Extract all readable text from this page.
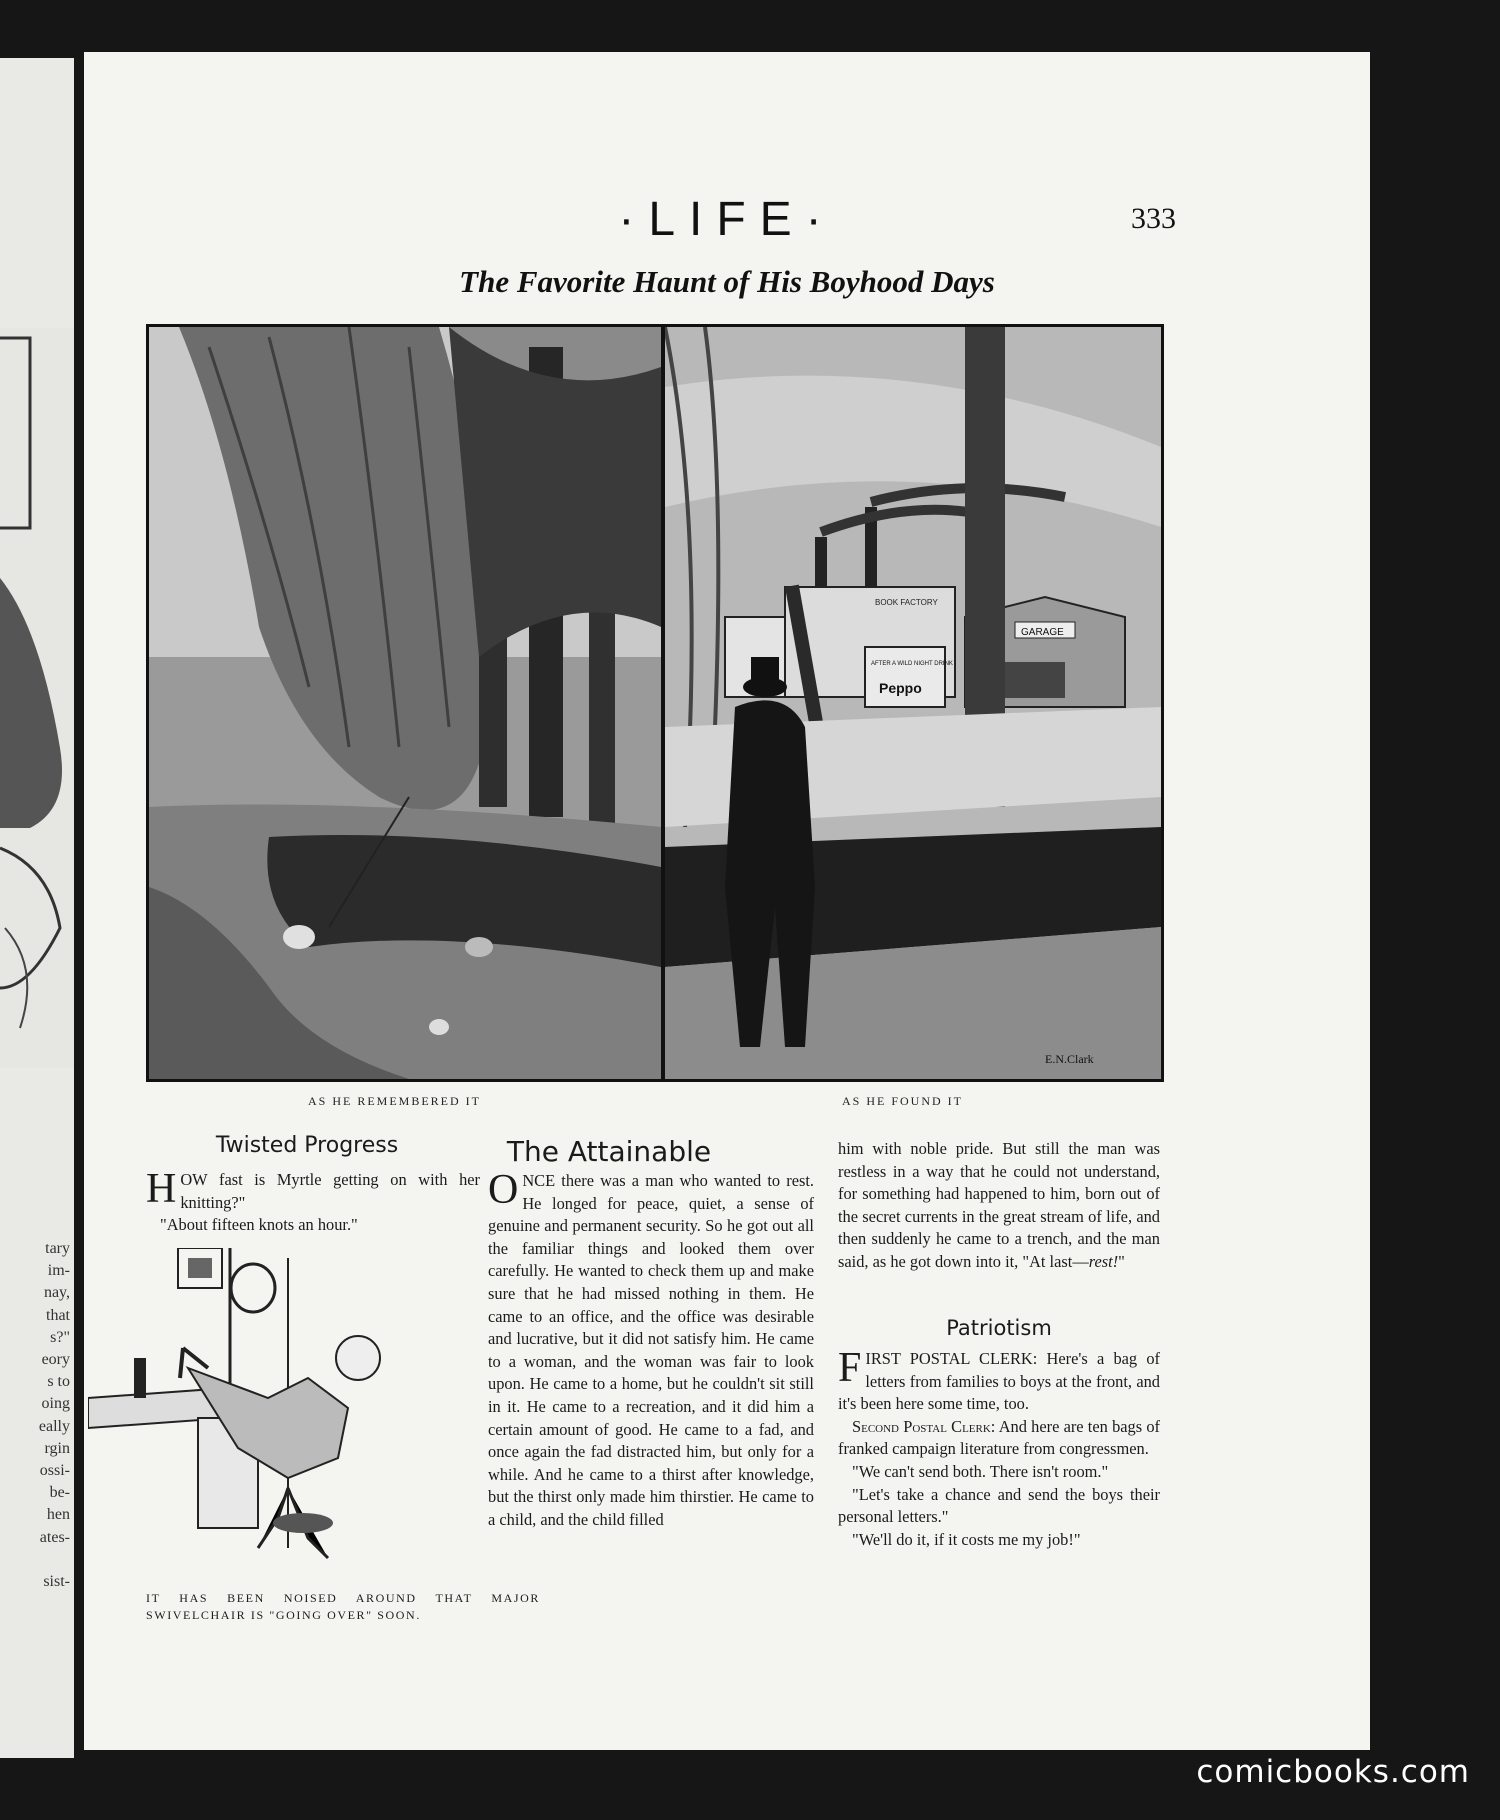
tary
im-
nay,
that
s?"
eory
s to
oing
eally
rgin
ossi-
be-
hen
ates-

sist-
·LIFE·	333
The Favorite Haunt of His Boyhood Days
BOOK FACTORY
GARAGE
AFTER A WILD NIGHT DRINK
Peppo
E.N.Clark
AS HE REMEMBERED IT	AS HE FOUND IT
Twisted Progress

HOW fast is Myrtle getting on with her knitting?"

"About fifteen knots an hour."

IT HAS BEEN NOISED AROUND THAT MAJOR SWIVELCHAIR IS "GOING OVER" SOON.
The Attainable

ONCE there was a man who wanted to rest. He longed for peace, quiet, a sense of genuine and permanent security. So he got out all the familiar things and looked them over carefully. He wanted to check them up and make sure that he had missed nothing in them. He came to an office, and the office was desirable and lucrative, but it did not satisfy him. He came to a woman, and the woman was fair to look upon. He came to a home, but he couldn't sit still in it. He came to a recreation, and it did him a certain amount of good. He came to a fad, and once again the fad distracted him, but only for a while. And he came to a thirst after knowledge, but the thirst only made him thirstier. He came to a child, and the child filled

him with noble pride. But still the man was restless in a way that he could not understand, for something had happened to him, born out of the secret currents in the great stream of life, and then suddenly he came to a trench, and the man said, as he got down into it, "At last—rest!"

Patriotism

FIRST POSTAL CLERK: Here's a bag of letters from families to boys at the front, and it's been here some time, too.

Second Postal Clerk: And here are ten bags of franked campaign literature from congressmen.

"We can't send both. There isn't room."

"Let's take a chance and send the boys their personal letters."

"We'll do it, if it costs me my job!"

comicbooks.com
